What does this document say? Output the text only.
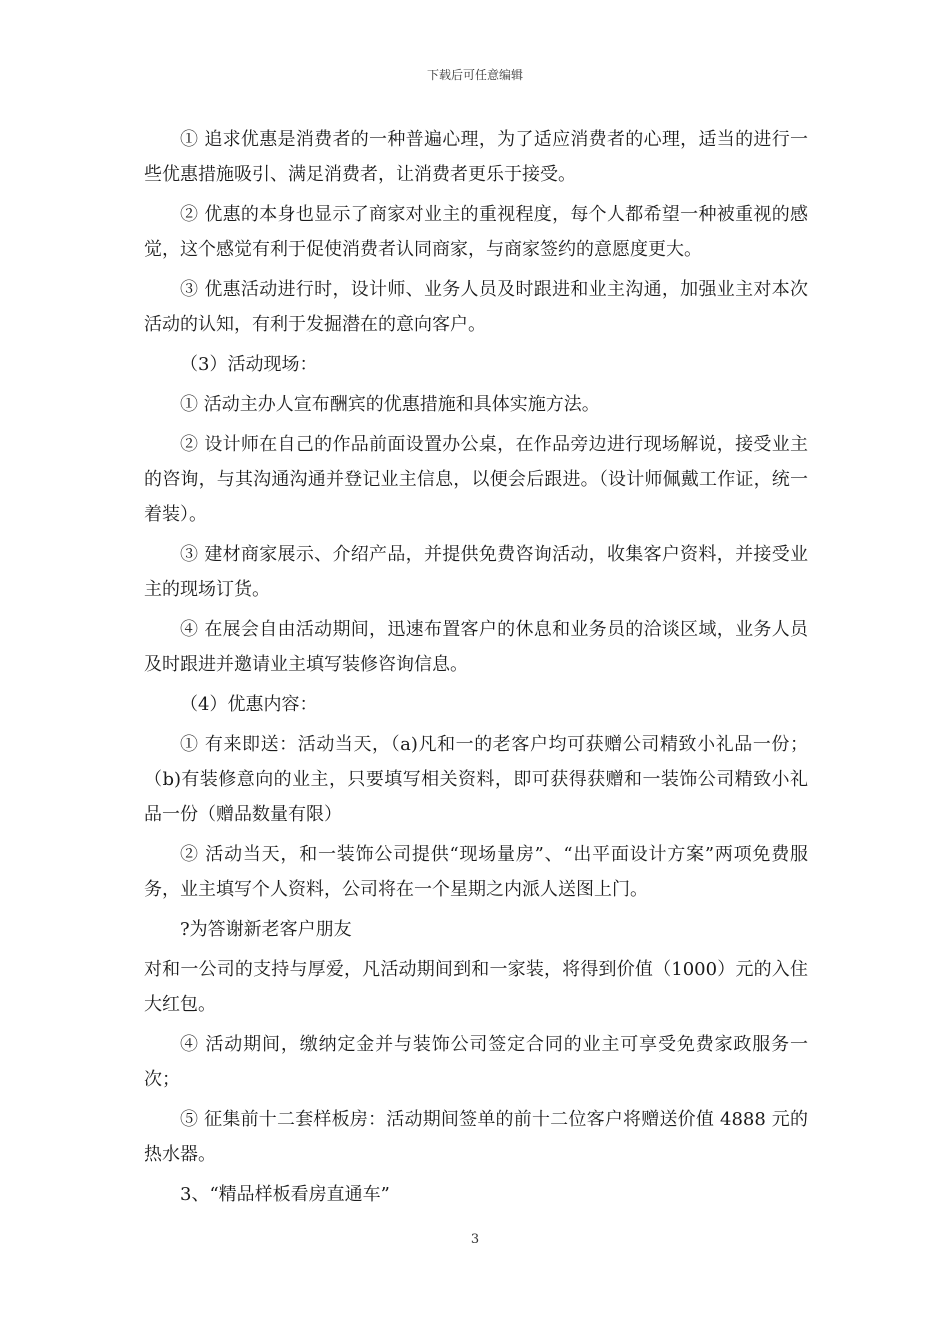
下载后可任意编辑

① 追求优惠是消费者的一种普遍心理，为了适应消费者的心理，适当的进行一些优惠措施吸引、满足消费者，让消费者更乐于接受。

② 优惠的本身也显示了商家对业主的重视程度，每个人都希望一种被重视的感觉，这个感觉有利于促使消费者认同商家，与商家签约的意愿度更大。

③ 优惠活动进行时，设计师、业务人员及时跟进和业主沟通，加强业主对本次活动的认知，有利于发掘潜在的意向客户。

（3）活动现场：

① 活动主办人宣布酬宾的优惠措施和具体实施方法。

② 设计师在自己的作品前面设置办公桌，在作品旁边进行现场解说，接受业主的咨询，与其沟通沟通并登记业主信息，以便会后跟进。（设计师佩戴工作证，统一着装）。

③ 建材商家展示、介绍产品，并提供免费咨询活动，收集客户资料，并接受业主的现场订货。

④ 在展会自由活动期间，迅速布置客户的休息和业务员的洽谈区域，业务人员及时跟进并邀请业主填写装修咨询信息。

（4）优惠内容：

① 有来即送：活动当天，（a)凡和一的老客户均可获赠公司精致小礼品一份；（b)有装修意向的业主，只要填写相关资料，即可获得获赠和一装饰公司精致小礼品一份（赠品数量有限）

② 活动当天，和一装饰公司提供“现场量房”、“出平面设计方案”两项免费服务，业主填写个人资料，公司将在一个星期之内派人送图上门。

?为答谢新老客户朋友

对和一公司的支持与厚爱，凡活动期间到和一家装，将得到价值（1000）元的入住大红包。

④ 活动期间，缴纳定金并与装饰公司签定合同的业主可享受免费家政服务一次；

⑤ 征集前十二套样板房：活动期间签单的前十二位客户将赠送价值 4888 元的热水器。

3、“精品样板看房直通车”

3
